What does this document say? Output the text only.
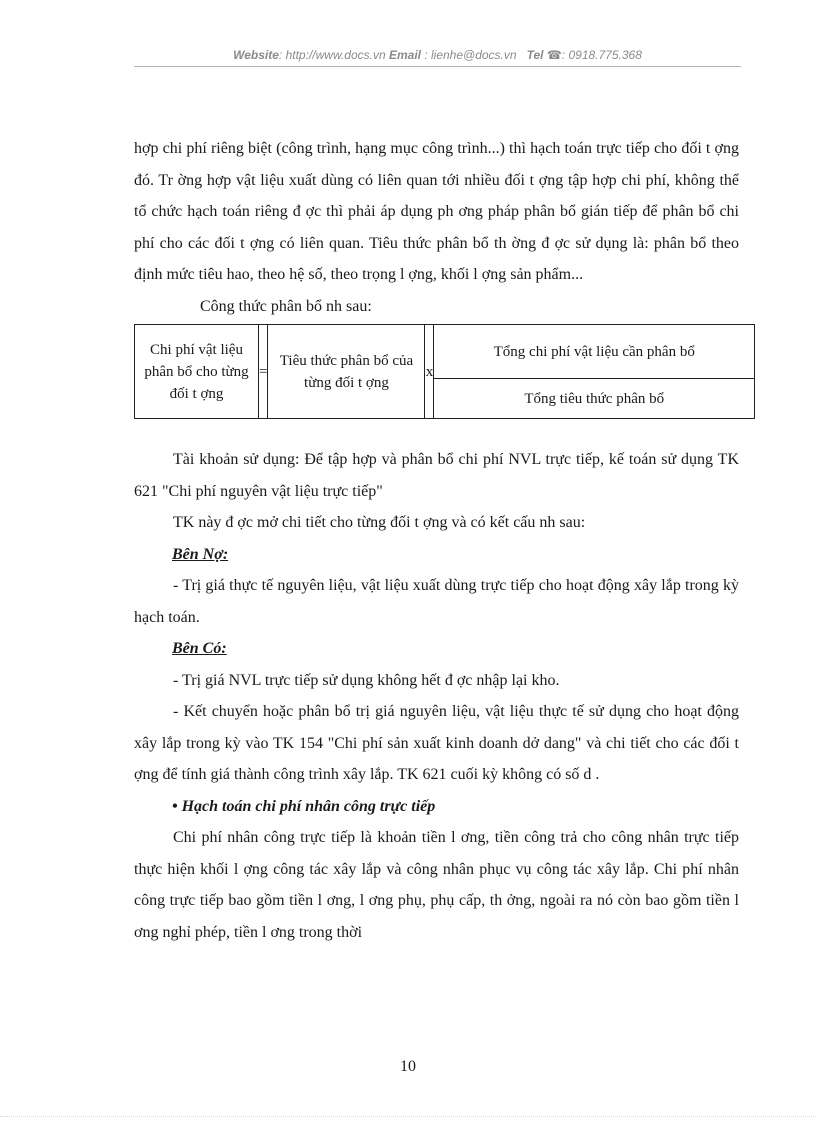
Website: http://www.docs.vn Email : lienhe@docs.vn Tel ☎: 0918.775.368

hợp chi phí riêng biệt (công trình, hạng mục công trình...) thì hạch toán trực tiếp cho đối t ợng đó. Tr ờng hợp vật liệu xuất dùng có liên quan tới nhiều đối t ợng tập hợp chi phí, không thể tổ chức hạch toán riêng đ ợc thì phải áp dụng ph ơng pháp phân bổ gián tiếp để phân bổ chi phí cho các đối t ợng có liên quan. Tiêu thức phân bổ th ờng đ ợc sử dụng là: phân bổ theo định mức tiêu hao, theo hệ số, theo trọng l ợng, khối l ợng sản phẩm...

Công thức phân bổ nh sau:
Chi phí vật liệu phân bổ cho từng đối t ợng	=	Tiêu thức phân bổ của từng đối t ợng	x	Tổng chi phí vật liệu cần phân bổ
Tổng tiêu thức phân bổ

Tài khoản sử dụng: Để tập hợp và phân bổ chi phí NVL trực tiếp, kế toán sử dụng TK 621 "Chi phí nguyên vật liệu trực tiếp"

TK này đ ợc mở chi tiết cho từng đối t ợng và có kết cấu nh sau:

Bên Nợ:

- Trị giá thực tế nguyên liệu, vật liệu xuất dùng trực tiếp cho hoạt động xây lắp trong kỳ hạch toán.

Bên Có:

- Trị giá NVL trực tiếp sử dụng không hết đ ợc nhập lại kho.

- Kết chuyển hoặc phân bổ trị giá nguyên liệu, vật liệu thực tế sử dụng cho hoạt động xây lắp trong kỳ vào TK 154 "Chi phí sản xuất kinh doanh dở dang" và chi tiết cho các đối t ợng để tính giá thành công trình xây lắp. TK 621 cuối kỳ không có số d .

• Hạch toán chi phí nhân công trực tiếp

Chi phí nhân công trực tiếp là khoản tiền l ơng, tiền công trả cho công nhân trực tiếp thực hiện khối l ợng công tác xây lắp và công nhân phục vụ công tác xây lắp. Chi phí nhân công trực tiếp bao gồm tiền l ơng, l ơng phụ, phụ cấp, th ởng, ngoài ra nó còn bao gồm tiền l ơng nghỉ phép, tiền l ơng trong thời

10
